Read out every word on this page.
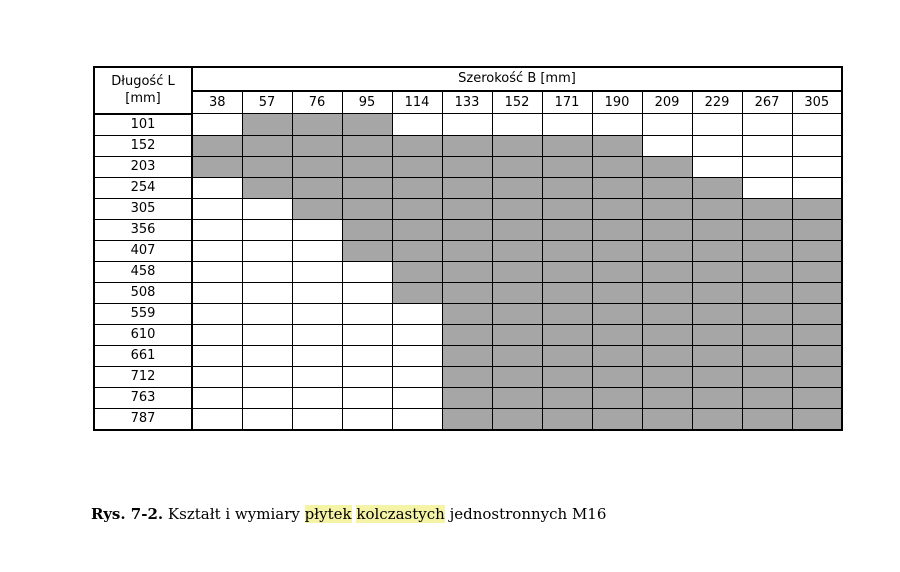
Długość L
[mm]	Szerokość B [mm]												
	38	57	76	95	114	133	152	171	190	209	229	267	305
101													
152													
203													
254													
305													
356													
407													
458													
508													
559													
610													
661													
712													
763													
787													
Rys. 7-2. Kształt i wymiary płytek kolczastych jednostronnych M16
